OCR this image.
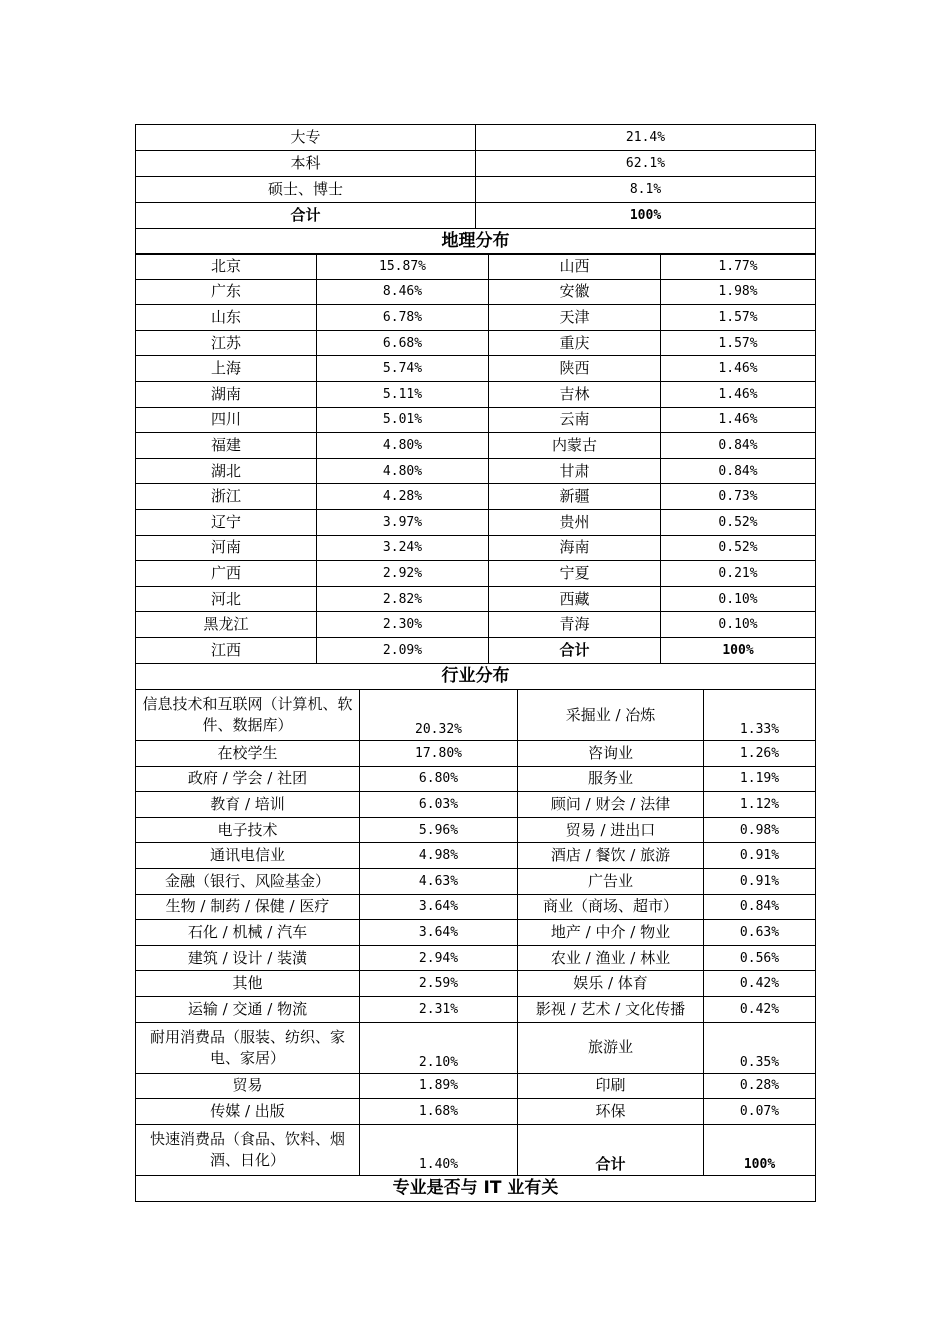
大专	21.4%
本科	62.1%
硕士、博士	8.1%
合计	100%
地理分布	
北京	15.87%	山西	1.77%
广东	8.46%	安徽	1.98%
山东	6.78%	天津	1.57%
江苏	6.68%	重庆	1.57%
上海	5.74%	陕西	1.46%
湖南	5.11%	吉林	1.46%
四川	5.01%	云南	1.46%
福建	4.80%	内蒙古	0.84%
湖北	4.80%	甘肃	0.84%
浙江	4.28%	新疆	0.73%
辽宁	3.97%	贵州	0.52%
河南	3.24%	海南	0.52%
广西	2.92%	宁夏	0.21%
河北	2.82%	西藏	0.10%
黑龙江	2.30%	青海	0.10%
江西	2.09%	合计	100%
行业分布			
信息技术和互联网（计算机、软件、数据库）	20.32%	采掘业 / 冶炼	1.33%
在校学生	17.80%	咨询业	1.26%
政府 / 学会 / 社团	6.80%	服务业	1.19%
教育 / 培训	6.03%	顾问 / 财会 / 法律	1.12%
电子技术	5.96%	贸易 / 进出口	0.98%
通讯电信业	4.98%	酒店 / 餐饮 / 旅游	0.91%
金融（银行、风险基金）	4.63%	广告业	0.91%
生物 / 制药 / 保健 / 医疗	3.64%	商业（商场、超市）	0.84%
石化 / 机械 / 汽车	3.64%	地产 / 中介 / 物业	0.63%
建筑 / 设计 / 装潢	2.94%	农业 / 渔业 / 林业	0.56%
其他	2.59%	娱乐 / 体育	0.42%
运输 / 交通 / 物流	2.31%	影视 / 艺术 / 文化传播	0.42%
耐用消费品（服装、纺织、家电、家居）	2.10%	旅游业	0.35%
贸易	1.89%	印刷	0.28%
传媒 / 出版	1.68%	环保	0.07%
快速消费品（食品、饮料、烟酒、日化）	1.40%	合计	100%
专业是否与 IT 业有关			
